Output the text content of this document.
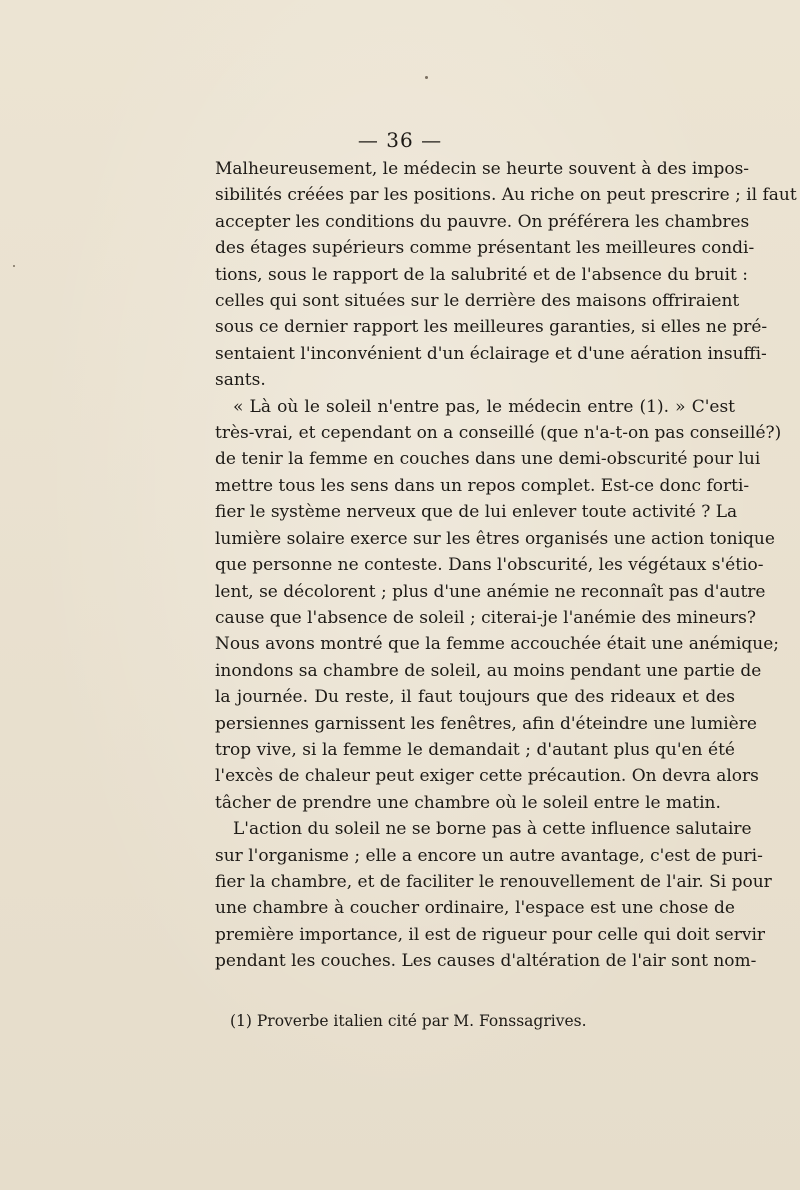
— 36 —

Malheureusement, le médecin se heurte souvent à des impos-
sibilités créées par les positions. Au riche on peut prescrire ; il faut
accepter les conditions du pauvre. On préférera les chambres
des étages supérieurs comme présentant les meilleures condi-
tions, sous le rapport de la salubrité et de l'absence du bruit :
celles qui sont situées sur le derrière des maisons offriraient
sous ce dernier rapport les meilleures garanties, si elles ne pré-
sentaient l'inconvénient d'un éclairage et d'une aération insuffi-
sants.

« Là où le soleil n'entre pas, le médecin entre (1). » C'est
très-vrai, et cependant on a conseillé (que n'a-t-on pas conseillé?)
de tenir la femme en couches dans une demi-obscurité pour lui
mettre tous les sens dans un repos complet. Est-ce donc forti-
fier le système nerveux que de lui enlever toute activité ? La
lumière solaire exerce sur les êtres organisés une action tonique
que personne ne conteste. Dans l'obscurité, les végétaux s'étio-
lent, se décolorent ; plus d'une anémie ne reconnaît pas d'autre
cause que l'absence de soleil ; citerai-je l'anémie des mineurs?
Nous avons montré que la femme accouchée était une anémique;
inondons sa chambre de soleil, au moins pendant une partie de
la journée. Du reste, il faut toujours que des rideaux et des
persiennes garnissent les fenêtres, afin d'éteindre une lumière
trop vive, si la femme le demandait ; d'autant plus qu'en été
l'excès de chaleur peut exiger cette précaution. On devra alors
tâcher de prendre une chambre où le soleil entre le matin.

L'action du soleil ne se borne pas à cette influence salutaire
sur l'organisme ; elle a encore un autre avantage, c'est de puri-
fier la chambre, et de faciliter le renouvellement de l'air. Si pour
une chambre à coucher ordinaire, l'espace est une chose de
première importance, il est de rigueur pour celle qui doit servir
pendant les couches. Les causes d'altération de l'air sont nom-

(1) Proverbe italien cité par M. Fonssagrives.
